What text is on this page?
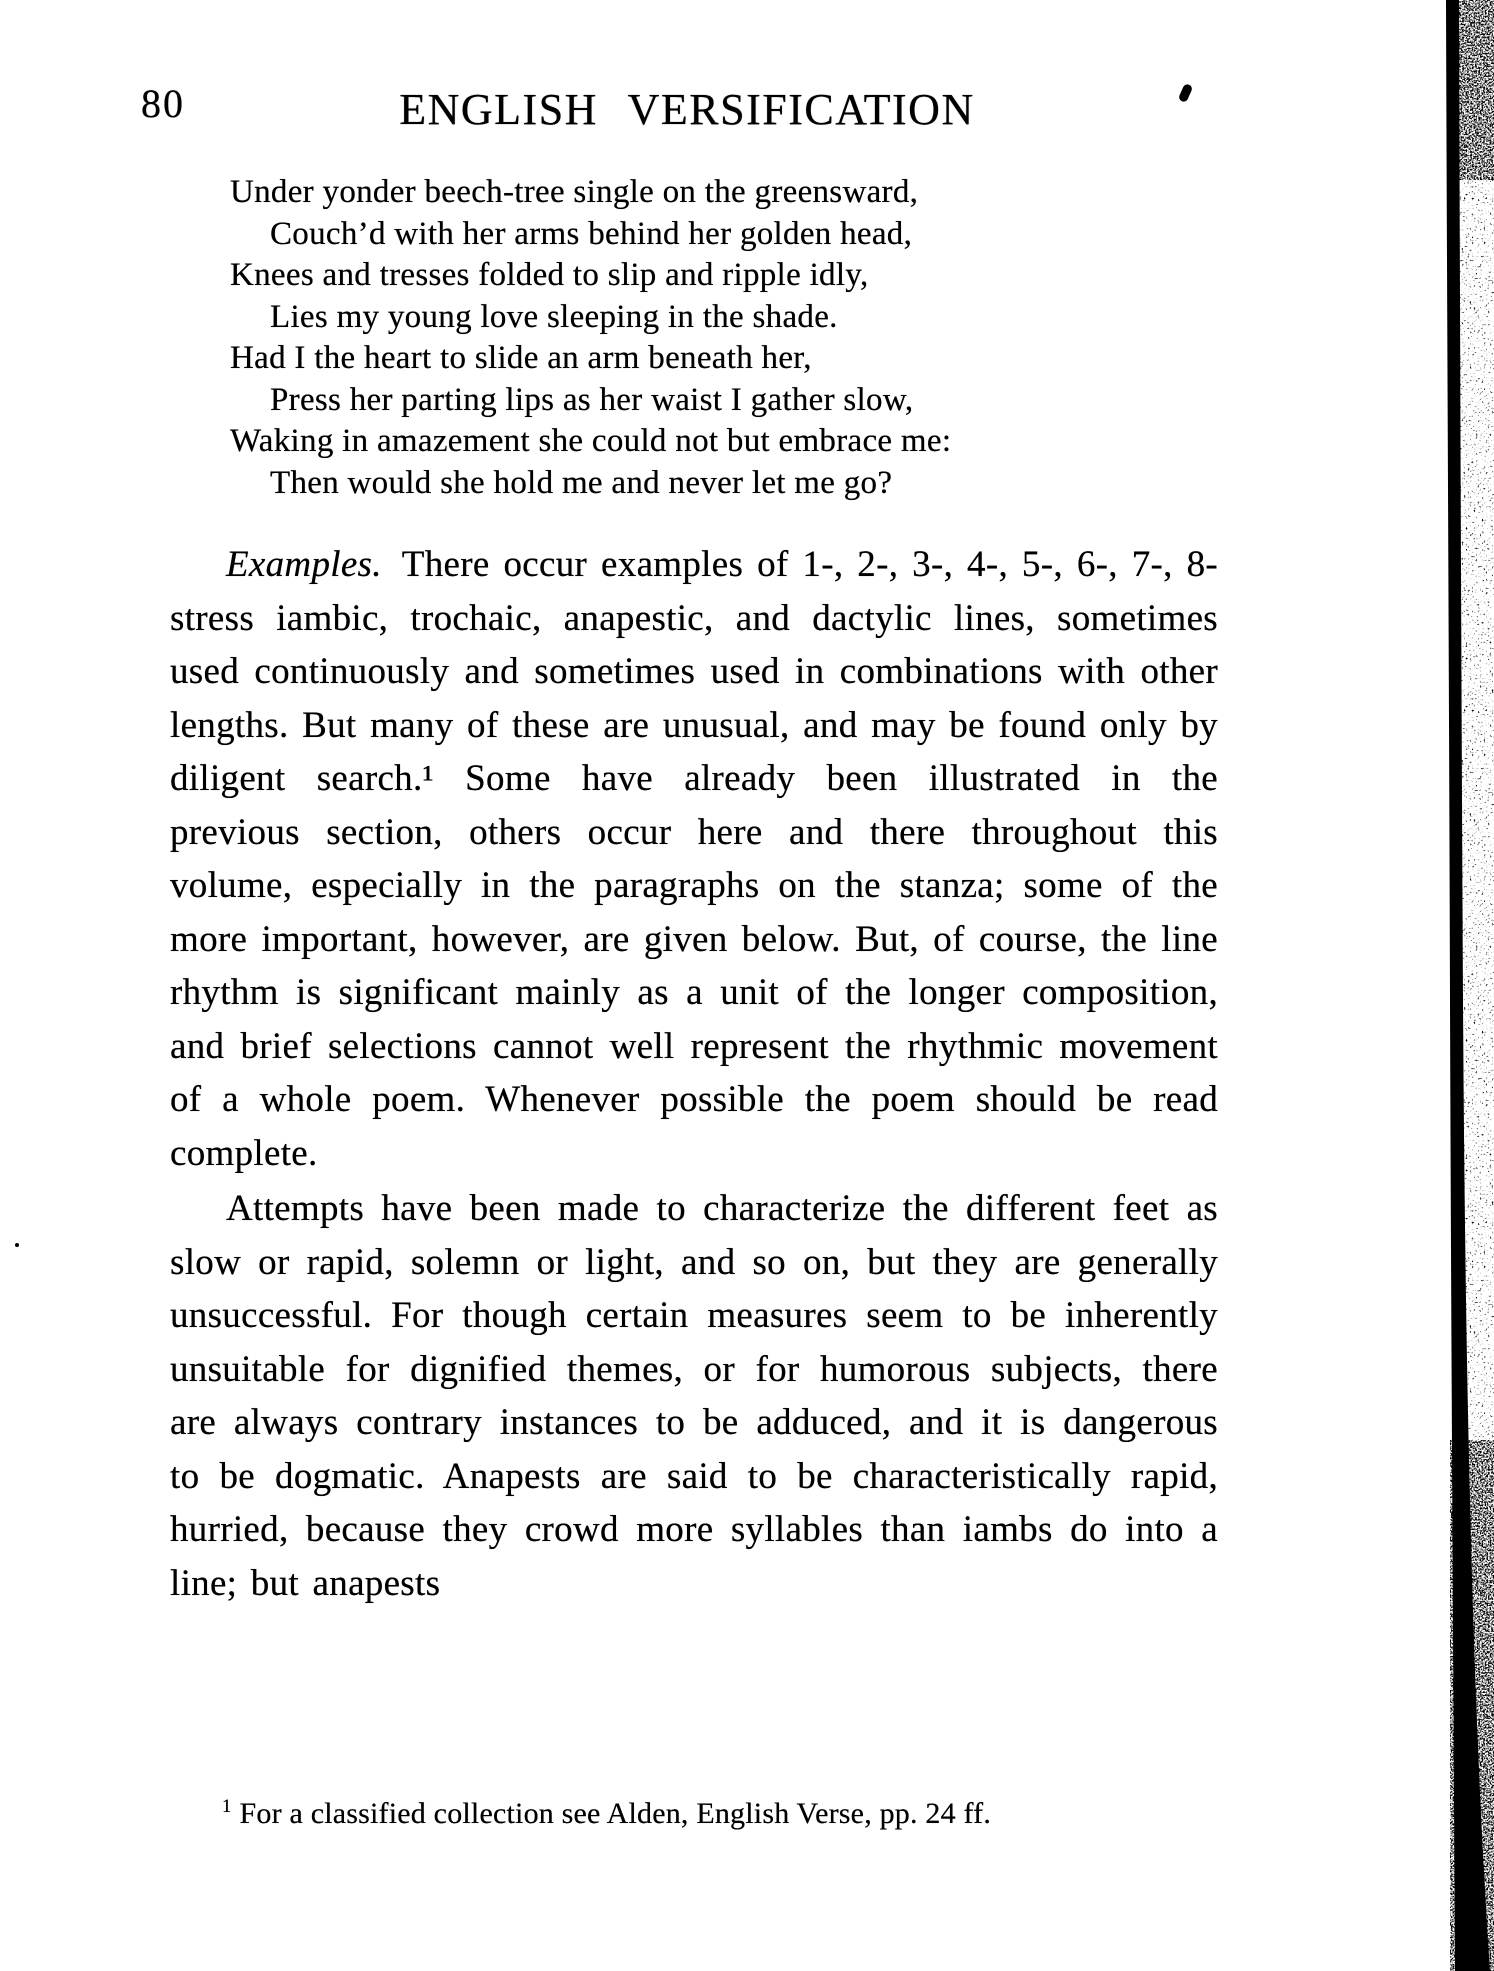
80	ENGLISH VERSIFICATION
Under yonder beech-tree single on the greensward,
Couch’d with her arms behind her golden head,
Knees and tresses folded to slip and ripple idly,
Lies my young love sleeping in the shade.
Had I the heart to slide an arm beneath her,
Press her parting lips as her waist I gather slow,
Waking in amazement she could not but embrace me:
Then would she hold me and never let me go?

Examples. There occur examples of 1-, 2-, 3-, 4-, 5-, 6-, 7-, 8-stress iambic, trochaic, anapestic, and dactylic lines, sometimes used continuously and sometimes used in combinations with other lengths. But many of these are unusual, and may be found only by diligent search.¹ Some have already been illustrated in the previous section, others occur here and there throughout this volume, especially in the paragraphs on the stanza; some of the more important, however, are given below. But, of course, the line rhythm is significant mainly as a unit of the longer composition, and brief selections cannot well represent the rhythmic movement of a whole poem. Whenever possible the poem should be read complete.

Attempts have been made to characterize the different feet as slow or rapid, solemn or light, and so on, but they are generally unsuccessful. For though certain measures seem to be inherently unsuitable for dignified themes, or for humorous subjects, there are always contrary instances to be adduced, and it is dangerous to be dogmatic. Anapests are said to be characteristically rapid, hurried, because they crowd more syllables than iambs do into a line; but anapests

$^1$ For a classified collection see Alden, English Verse, pp. 24 ff.
